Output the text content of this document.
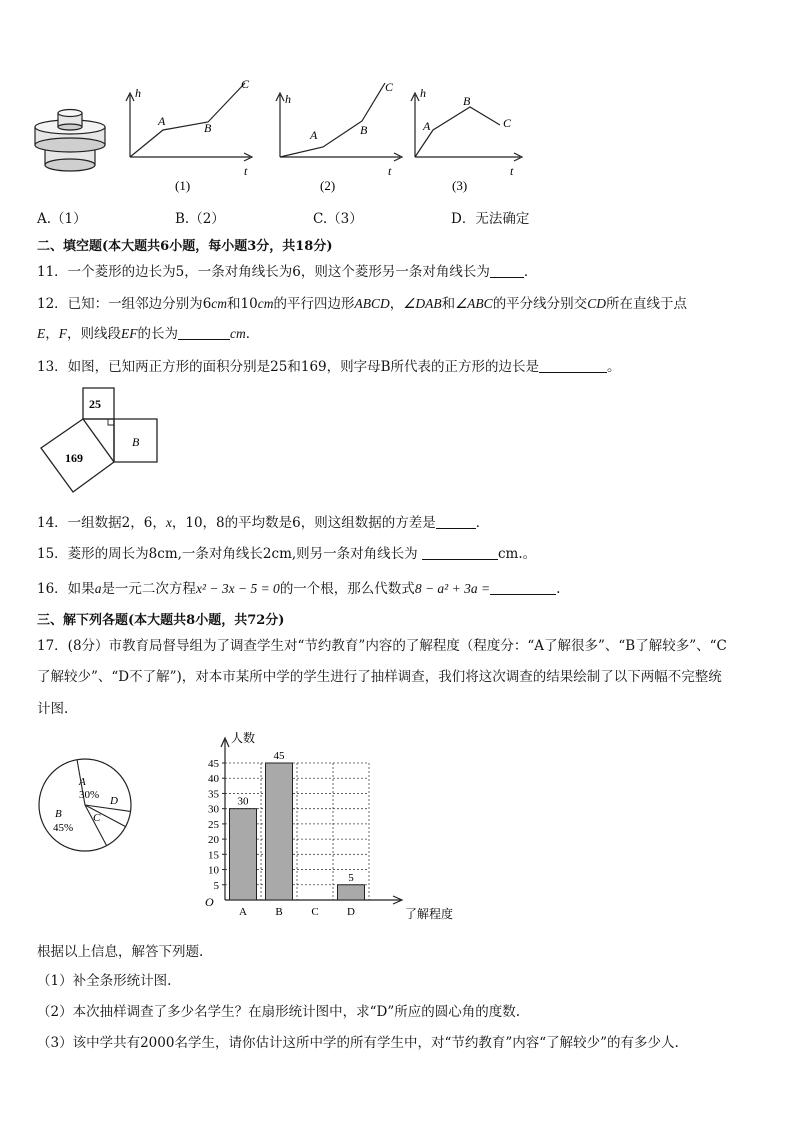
h
t
A	B
C
(1)
h
t
A	B
C
(2)
h
t
A
B
C
(3)
A.（1）	B.（2）	C.（3）	D．无法确定
二、填空题(本大题共6小题，每小题3分，共18分)
11．一个菱形的边长为5，一条对角线长为6，则这个菱形另一条对角线长为	．
12．已知：一组邻边分别为6cm和10cm的平行四边形ABCD，∠DAB和∠ABC的平分线分别交CD所在直线于点
E，F，则线段EF的长为	cm．
13．如图，已知两正方形的面积分别是25和169，则字母B所代表的正方形的边长是	。
25
B
169
14．一组数据2，6，x，10，8的平均数是6，则这组数据的方差是	．
15．菱形的周长为8cm,一条对角线长2cm,则另一条对角线长为	cm.。
16．如果a是一元二次方程x² − 3x − 5 = 0的一个根，那么代数式8 − a² + 3a =	.
三、解下列各题(本大题共8小题，共72分)
17．(8分）市教育局督导组为了调查学生对“节约教育”内容的了解程度（程度分：“A了解很多”、“B了解较多”、“C
了解较少”、“D不了解”)，对本市某所中学的学生进行了抽样调查，我们将这次调查的结果绘制了以下两幅不完整统
计图.
A
30% D
C
B
45%
5
10
15
20
25
30
35
40
45
30
A
45
B	C
5
D
O
人数
了解程度
根据以上信息，解答下列题.
（1）补全条形统计图.
（2）本次抽样调查了多少名学生？在扇形统计图中，求“D”所应的圆心角的度数.
（3）该中学共有2000名学生，请你估计这所中学的所有学生中，对“节约教育”内容“了解较少”的有多少人.
